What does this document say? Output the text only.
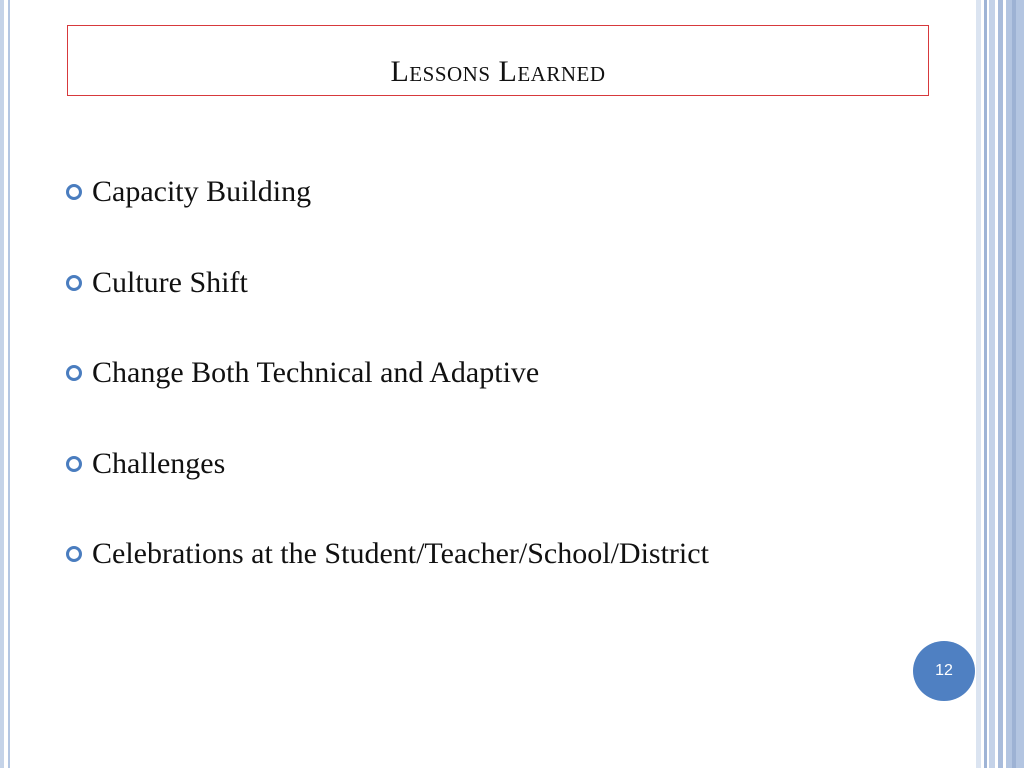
Lessons Learned
Capacity Building
Culture Shift
Change Both Technical and Adaptive
Challenges
Celebrations at the Student/Teacher/School/District
12
